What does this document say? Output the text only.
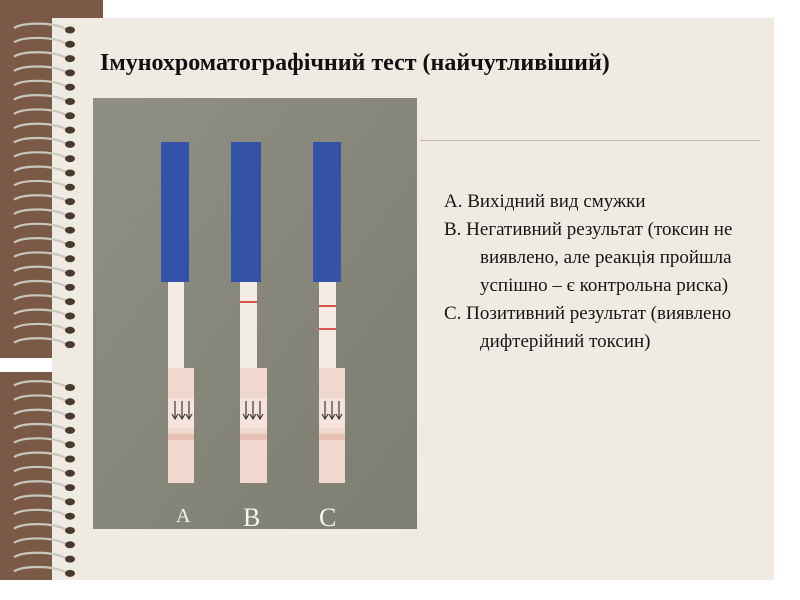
Імунохроматографічний тест (найчутливіший)
A B C

А. Вихідний вид смужки

В. Негативний результат (токсин не виявлено, але реакція пройшла успішно – є контрольна риска)

С. Позитивний результат (виявлено дифтерійний токсин)
